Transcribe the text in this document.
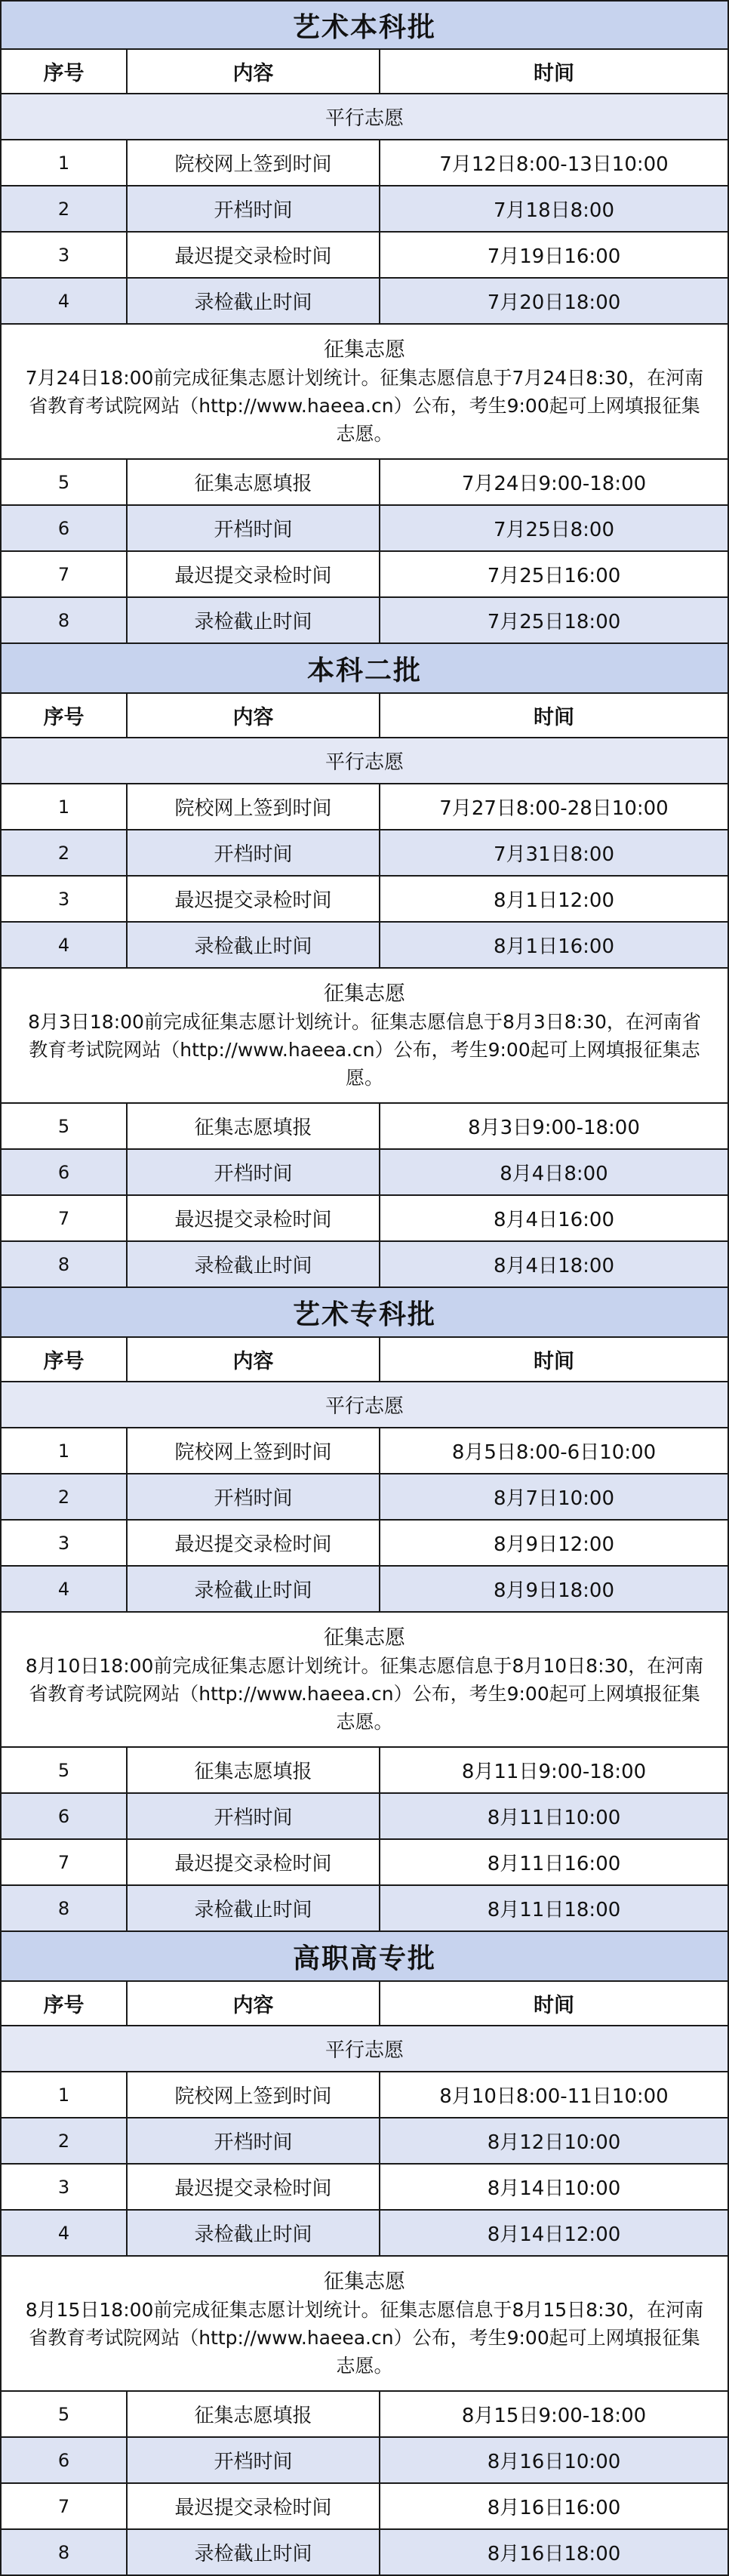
艺术本科批
序号	内容	时间
平行志愿
1	院校网上签到时间	7月12日8:00-13日10:00
2	开档时间	7月18日8:00
3	最迟提交录检时间	7月19日16:00
4	录检截止时间	7月20日18:00
征集志愿
7月24日18:00前完成征集志愿计划统计。征集志愿信息于7月24日8:30，在河南省教育考试院网站（http://www.haeea.cn）公布，考生9:00起可上网填报征集志愿。
5	征集志愿填报	7月24日9:00-18:00
6	开档时间	7月25日8:00
7	最迟提交录检时间	7月25日16:00
8	录检截止时间	7月25日18:00
本科二批
序号	内容	时间
平行志愿
1	院校网上签到时间	7月27日8:00-28日10:00
2	开档时间	7月31日8:00
3	最迟提交录检时间	8月1日12:00
4	录检截止时间	8月1日16:00
征集志愿
8月3日18:00前完成征集志愿计划统计。征集志愿信息于8月3日8:30，在河南省教育考试院网站（http://www.haeea.cn）公布，考生9:00起可上网填报征集志愿。
5	征集志愿填报	8月3日9:00-18:00
6	开档时间	8月4日8:00
7	最迟提交录检时间	8月4日16:00
8	录检截止时间	8月4日18:00
艺术专科批
序号	内容	时间
平行志愿
1	院校网上签到时间	8月5日8:00-6日10:00
2	开档时间	8月7日10:00
3	最迟提交录检时间	8月9日12:00
4	录检截止时间	8月9日18:00
征集志愿
8月10日18:00前完成征集志愿计划统计。征集志愿信息于8月10日8:30，在河南省教育考试院网站（http://www.haeea.cn）公布，考生9:00起可上网填报征集志愿。
5	征集志愿填报	8月11日9:00-18:00
6	开档时间	8月11日10:00
7	最迟提交录检时间	8月11日16:00
8	录检截止时间	8月11日18:00
高职高专批
序号	内容	时间
平行志愿
1	院校网上签到时间	8月10日8:00-11日10:00
2	开档时间	8月12日10:00
3	最迟提交录检时间	8月14日10:00
4	录检截止时间	8月14日12:00
征集志愿
8月15日18:00前完成征集志愿计划统计。征集志愿信息于8月15日8:30，在河南省教育考试院网站（http://www.haeea.cn）公布，考生9:00起可上网填报征集志愿。
5	征集志愿填报	8月15日9:00-18:00
6	开档时间	8月16日10:00
7	最迟提交录检时间	8月16日16:00
8	录检截止时间	8月16日18:00
